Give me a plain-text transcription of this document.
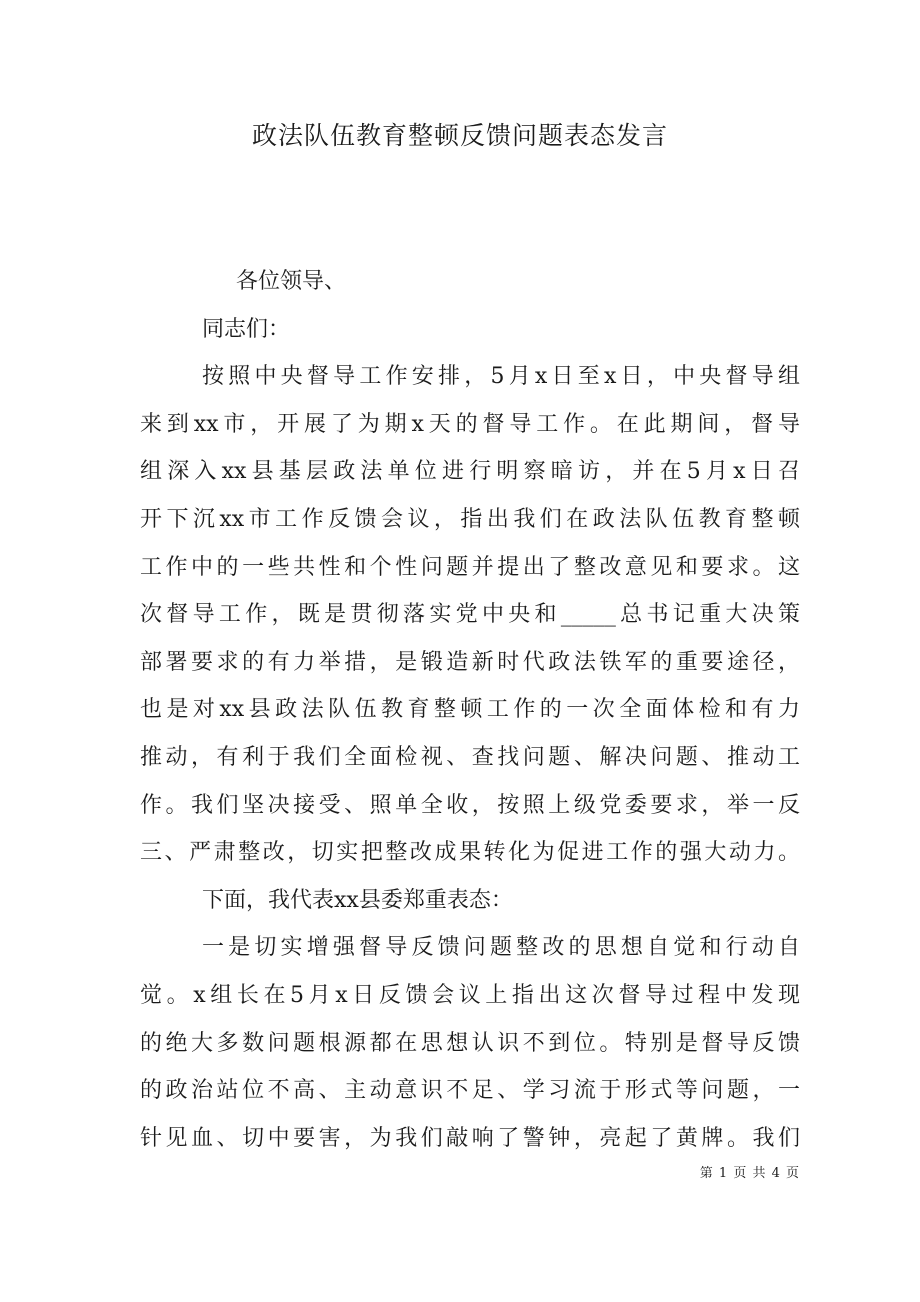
政法队伍教育整顿反馈问题表态发言
各位领导、
同志们：
按照中央督导工作安排，5月x日至x日，中央督导组
来到xx市，开展了为期x天的督导工作。在此期间，督导
组深入xx县基层政法单位进行明察暗访，并在5月x日召
开下沉xx市工作反馈会议，指出我们在政法队伍教育整顿
工作中的一些共性和个性问题并提出了整改意见和要求。这
次督导工作，既是贯彻落实党中央和_____总书记重大决策
部署要求的有力举措，是锻造新时代政法铁军的重要途径，
也是对xx县政法队伍教育整顿工作的一次全面体检和有力
推动，有利于我们全面检视、查找问题、解决问题、推动工
作。我们坚决接受、照单全收，按照上级党委要求，举一反
三、严肃整改，切实把整改成果转化为促进工作的强大动力。
下面，我代表xx县委郑重表态：
一是切实增强督导反馈问题整改的思想自觉和行动自
觉。x组长在5月x日反馈会议上指出这次督导过程中发现
的绝大多数问题根源都在思想认识不到位。特别是督导反馈
的政治站位不高、主动意识不足、学习流于形式等问题，一
针见血、切中要害，为我们敲响了警钟，亮起了黄牌。我们
第 1 页 共 4 页
